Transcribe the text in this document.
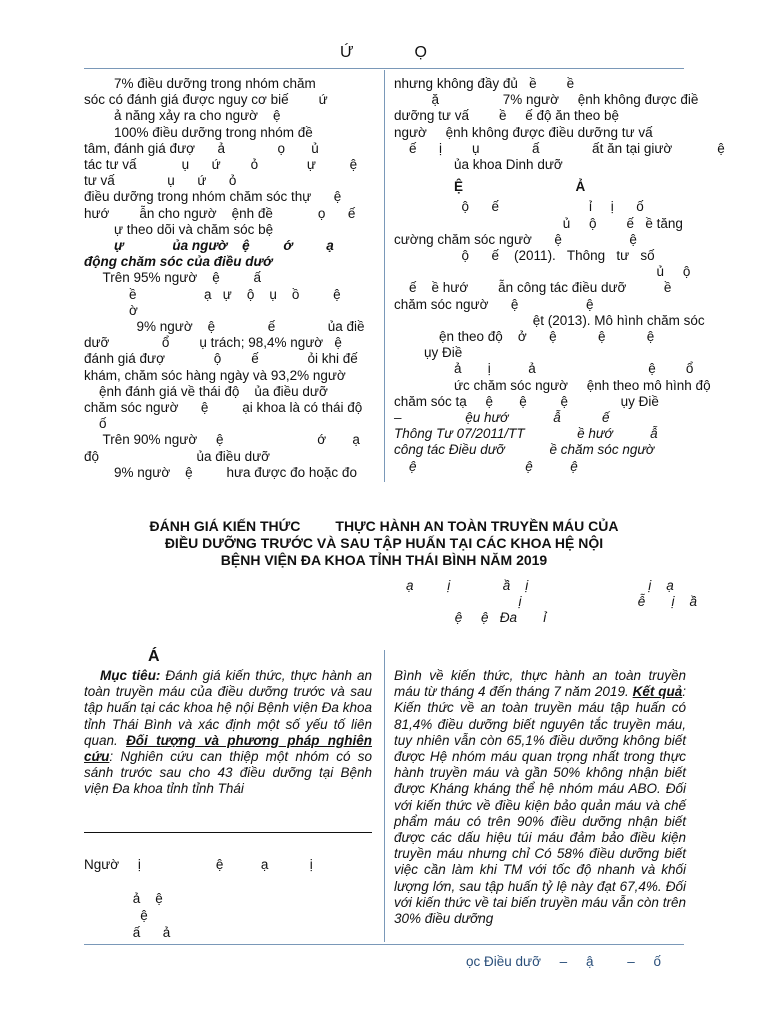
Ứ           Ọ

7% điều dưỡng trong nhóm chăm

sóc có đánh giá được nguy cơ biế        ứ

ả năng xảy ra cho ngườ    ệ

100% điều dưỡng trong nhóm đề

tâm, đánh giá đượ      ả              ọ       ủ

tác tư vấ            ụ      ứ        ỏ             ự         ệ

tư vấ              ụ      ứ      ỏ

điều dưỡng trong nhóm chăm sóc thự      ệ

hướ        ẫn cho ngườ    ệnh đề            ọ      ế

ự theo dõi và chăm sóc bệ

ự             ủa ngườ    ệ         ớ         ạ

động chăm sóc của điều dướ

Trên 95% ngườ    ệ         ấ

ề                  ạ   ự    ộ    ụ    ồ         ệ

ờ

9% ngườ    ệ              ế              ủa điề

dưỡ              ổ        ụ trách; 98,4% ngườ   ệ

đánh giá đượ             ộ        ế             ỏi khi đế

khám, chăm sóc hàng ngày và 93,2% ngườ

ệnh đánh giá về thái độ    ủa điều dưỡ

chăm sóc ngườ      ệ         ại khoa là có thái độ

ố

Trên 90% ngườ     ệ                         ớ       ạ

độ                          ủa điều dưỡ

9% ngườ    ệ         hưa được đo hoặc đo

nhưng không đầy đủ   ề        ề

ặ                 7% ngườ     ệnh không được điề

dưỡng tư vấ        ề     ế độ ăn theo bệ

ngườ     ệnh không được điều dưỡng tư vấ

ế      ị        ụ              ấ              ất ăn tại giườ            ệ

ủa khoa Dinh dưỡ

Ệ                              Ả

ộ      ế                        ỉ     ị      ố

ủ     ộ        ế   ề tăng

cường chăm sóc ngườ      ệ                  ệ

ộ      ế    (2011).   Thông   tư   số

ủ     ộ

ế    ề hướ        ẫn công tác điều dưỡ          ề

chăm sóc ngườ      ệ                  ệ

ệt (2013). Mô hình chăm sóc

ện theo độ    ở      ệ           ệ           ệ

ụy Điề

ả       ị          ả                              ệ        ổ

ức chăm sóc ngườ     ệnh theo mô hình độ

chăm sóc tạ     ệ       ệ         ệ              ụy Điề

–                 ệu hướ            ẫ           ế

Thông Tư 07/2011/TT              ề hướ          ẫ

công tác Điều dưỡ            ề chăm sóc ngườ

ệ                             ệ          ệ

ĐÁNH GIÁ KIẾN THỨC         THỰC HÀNH AN TOÀN TRUYỀN MÁU CỦA
ĐIỀU DƯỠNG TRƯỚC VÀ SAU TẬP HUẤN TẠI CÁC KHOA HỆ NỘI
BỆNH VIỆN ĐA KHOA TỈNH THÁI BÌNH NĂM 2019
ạ         ị              ầ    ị                                ị    ạ
ị                               ễ       ị    ầ
ệ     ệ   Đa       ỉ
Á

Mục tiêu: Đánh giá kiến thức, thực hành an toàn truyền máu của điều dưỡng trước và sau tập huấn tại các khoa hệ nội Bệnh viện Đa khoa tỉnh Thái Bình và xác định một số yếu tố liên quan. Đối tượng và phương pháp nghiên cứu: Nghiên cứu can thiệp một nhóm có so sánh trước sau cho 43 điều dưỡng tại Bệnh viện Đa khoa tỉnh tỉnh Thái

Ngườ     ị                    ệ          ạ           ị

ả    ệ
ệ
ấ      ả

Bình về kiến thức, thực hành an toàn truyền máu từ tháng 4 đến tháng 7 năm 2019. Kết quả: Kiến thức về an toàn truyền máu tập huấn có 81,4% điều dưỡng biết nguyên tắc truyền máu, tuy nhiên vẫn còn 65,1% điều dưỡng không biết được Hệ nhóm máu quan trọng nhất trong thực hành truyền máu và gần 50% không nhận biết được Kháng kháng thể hệ nhóm máu ABO. Đối với kiến thức về điều kiện bảo quản máu và chế phẩm máu có trên 90% điều dưỡng nhận biết được các dấu hiệu túi máu đảm bảo điều kiện truyền máu nhưng chỉ Có 58% điều dưỡng biết việc cần làm khi TM với tốc độ nhanh và khối lượng lớn, sau tập huấn tỷ lệ này đạt 67,4%. Đối với kiến thức về tai biến truyền máu vẫn còn trên 30% điều dưỡng

ọc Điều dưỡ     –     ậ         –     ố
